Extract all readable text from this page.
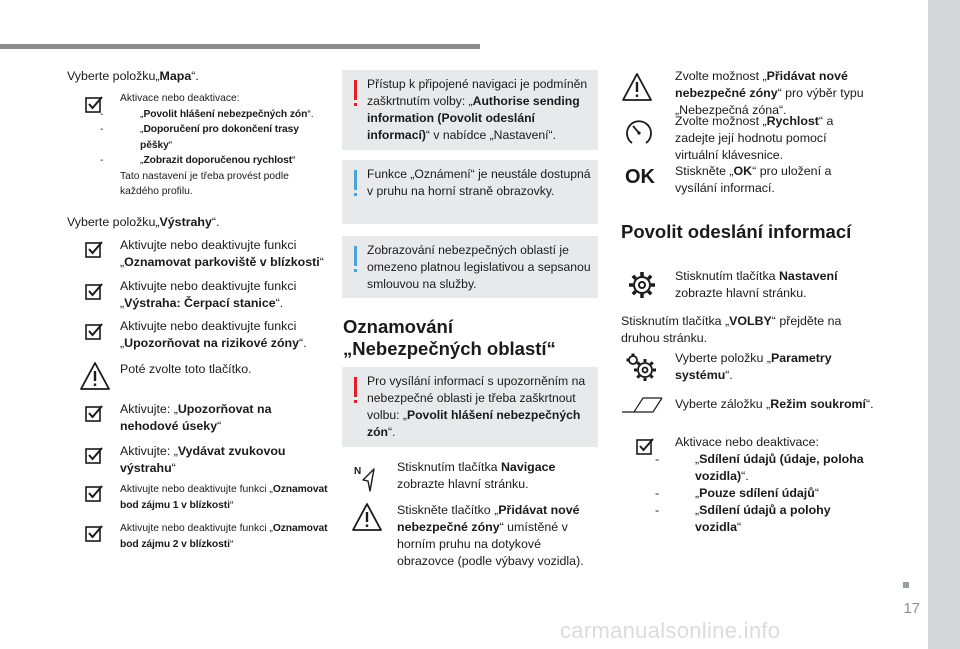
17
carmanualsonline.info
Vyberte položku„Mapa“.
Aktivace nebo deaktivace:
-	„Povolit hlášení nebezpečných zón“.
-	„Doporučení pro dokončení trasy pěšky“
-	„Zobrazit doporučenou rychlost“
Tato nastavení je třeba provést podle každého profilu.
Vyberte položku„Výstrahy“.
Aktivujte nebo deaktivujte funkci „Oznamovat parkoviště v blízkosti“
Aktivujte nebo deaktivujte funkci „Výstraha: Čerpací stanice“.
Aktivujte nebo deaktivujte funkci „Upozorňovat na rizikové zóny“.
Poté zvolte toto tlačítko.
Aktivujte: „Upozorňovat na nehodové úseky“
Aktivujte: „Vydávat zvukovou výstrahu“
Aktivujte nebo deaktivujte funkci „Oznamovat bod zájmu 1 v blízkosti“
Aktivujte nebo deaktivujte funkci „Oznamovat bod zájmu 2 v blízkosti“
Přístup k připojené navigaci je podmíněn zaškrtnutím volby: „Authorise sending information (Povolit odeslání informací)“ v nabídce „Nastavení“.
Funkce „Oznámení“ je neustále dostupná v pruhu na horní straně obrazovky.
Zobrazování nebezpečných oblastí je omezeno platnou legislativou a sepsanou smlouvou na služby.
Oznamování
„Nebezpečných oblastí“
Pro vysílání informací s upozorněním na nebezpečné oblasti je třeba zaškrtnout volbu: „Povolit hlášení nebezpečných zón“.
N	Stisknutím tlačítka Navigace zobrazte hlavní stránku.
Stiskněte tlačítko „Přidávat nové nebezpečné zóny“ umístěné v horním pruhu na dotykové obrazovce (podle výbavy vozidla).
Zvolte možnost „Přidávat nové nebezpečné zóny“ pro výběr typu „Nebezpečná zóna“.
Zvolte možnost „Rychlost“ a zadejte její hodnotu pomocí virtuální klávesnice.
OK Stiskněte „OK“ pro uložení a vysílání informací.
Povolit odeslání informací
Stisknutím tlačítka Nastavení zobrazte hlavní stránku.
Stisknutím tlačítka „VOLBY“ přejděte na druhou stránku.
Vyberte položku „Parametry systému“.
Vyberte záložku „Režim soukromí“.
Aktivace nebo deaktivace:
-	„Sdílení údajů (údaje, poloha vozidla)“.
-	„Pouze sdílení údajů“
-	„Sdílení údajů a polohy vozidla“
